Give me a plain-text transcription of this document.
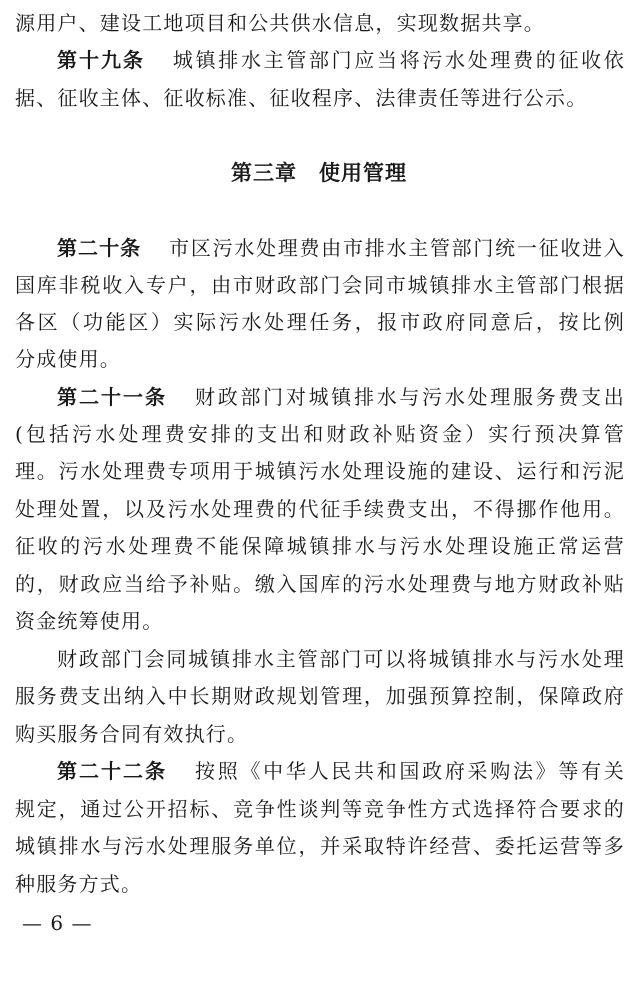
源用户、建设工地项目和公共供水信息，实现数据共享。
第十九条 城镇排水主管部门应当将污水处理费的征收依
据、征收主体、征收标准、征收程序、法律责任等进行公示。
第三章　使用管理
第二十条 市区污水处理费由市排水主管部门统一征收进入
国库非税收入专户，由市财政部门会同市城镇排水主管部门根据
各区（功能区）实际污水处理任务，报市政府同意后，按比例
分成使用。
第二十一条 财政部门对城镇排水与污水处理服务费支出
(包括污水处理费安排的支出和财政补贴资金）实行预决算管
理。污水处理费专项用于城镇污水处理设施的建设、运行和污泥
处理处置，以及污水处理费的代征手续费支出，不得挪作他用。
征收的污水处理费不能保障城镇排水与污水处理设施正常运营
的，财政应当给予补贴。缴入国库的污水处理费与地方财政补贴
资金统筹使用。
财政部门会同城镇排水主管部门可以将城镇排水与污水处理
服务费支出纳入中长期财政规划管理，加强预算控制，保障政府
购买服务合同有效执行。
第二十二条 按照《中华人民共和国政府采购法》等有关
规定，通过公开招标、竞争性谈判等竞争性方式选择符合要求的
城镇排水与污水处理服务单位，并采取特许经营、委托运营等多
种服务方式。
— 6 —
